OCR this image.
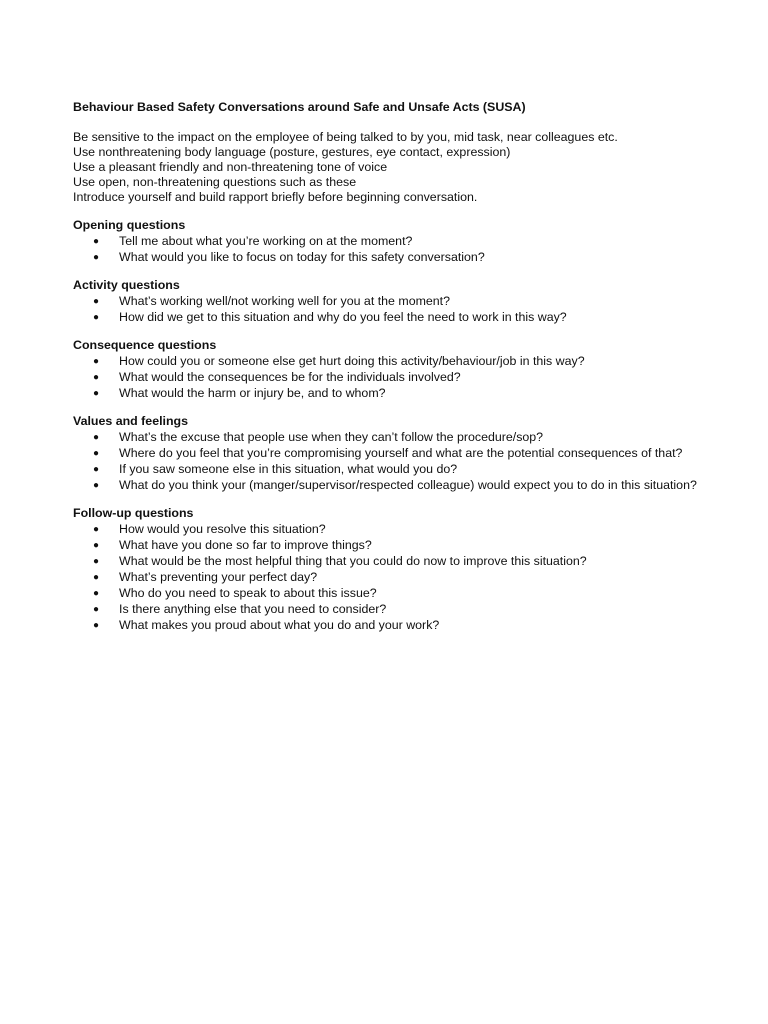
Behaviour Based Safety Conversations around Safe and Unsafe Acts (SUSA)

Be sensitive to the impact on the employee of being talked to by you, mid task, near colleagues etc.

Use nonthreatening body language (posture, gestures, eye contact, expression)

Use a pleasant friendly and non-threatening tone of voice

Use open, non-threatening questions such as these

Introduce yourself and build rapport briefly before beginning conversation.

Opening questions
● Tell me about what you’re working on at the moment?
● What would you like to focus on today for this safety conversation?
Activity questions
● What’s working well/not working well for you at the moment?
● How did we get to this situation and why do you feel the need to work in this way?
Consequence questions
● How could you or someone else get hurt doing this activity/behaviour/job in this way?
● What would the consequences be for the individuals involved?
● What would the harm or injury be, and to whom?
Values and feelings
● What’s the excuse that people use when they can’t follow the procedure/sop?
● Where do you feel that you’re compromising yourself and what are the potential consequences of that?
● If you saw someone else in this situation, what would you do?
● What do you think your (manger/supervisor/respected colleague) would expect you to do in this situation?
Follow-up questions
● How would you resolve this situation?
● What have you done so far to improve things?
● What would be the most helpful thing that you could do now to improve this situation?
● What’s preventing your perfect day?
● Who do you need to speak to about this issue?
● Is there anything else that you need to consider?
● What makes you proud about what you do and your work?
